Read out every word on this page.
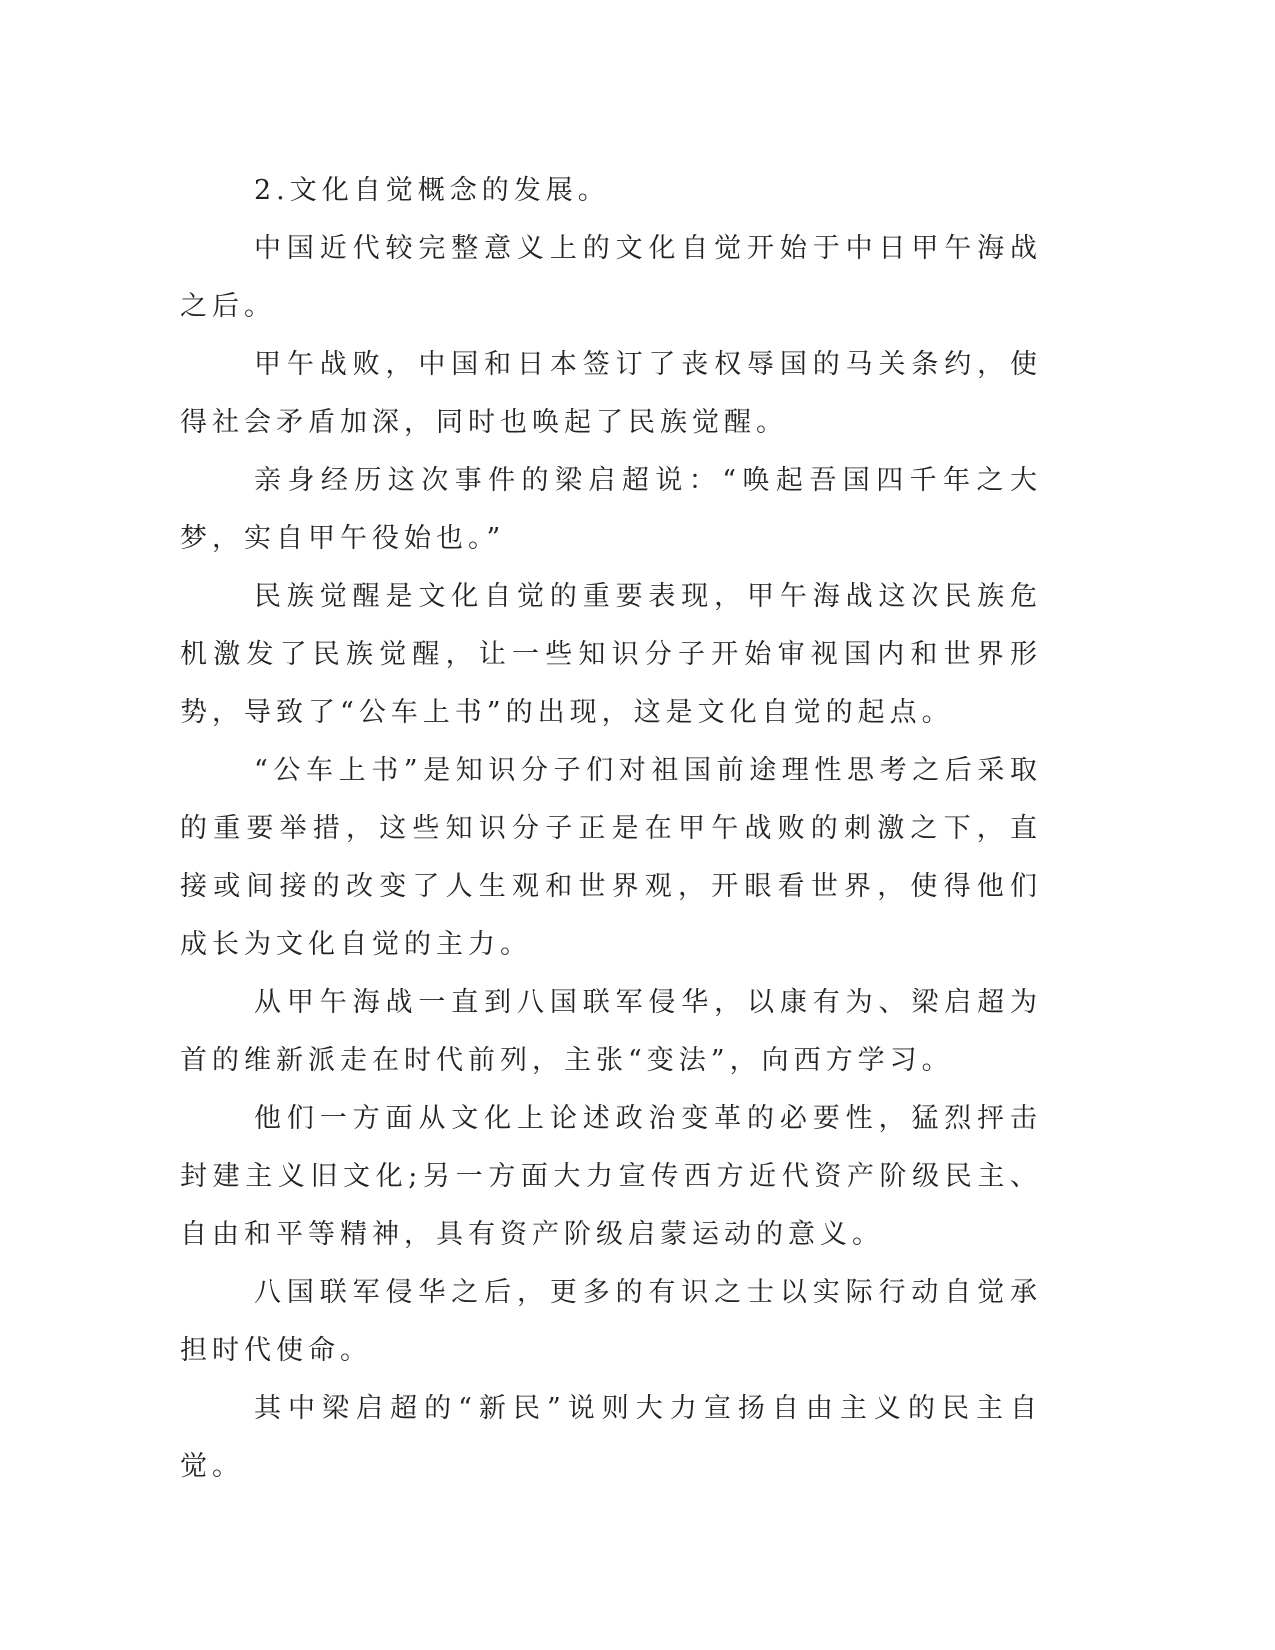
2.文化自觉概念的发展。

中国近代较完整意义上的文化自觉开始于中日甲午海战之后。

甲午战败，中国和日本签订了丧权辱国的马关条约，使得社会矛盾加深，同时也唤起了民族觉醒。

亲身经历这次事件的梁启超说：“唤起吾国四千年之大梦，实自甲午役始也。”

民族觉醒是文化自觉的重要表现，甲午海战这次民族危机激发了民族觉醒，让一些知识分子开始审视国内和世界形势，导致了“公车上书”的出现，这是文化自觉的起点。

“公车上书”是知识分子们对祖国前途理性思考之后采取的重要举措，这些知识分子正是在甲午战败的刺激之下，直接或间接的改变了人生观和世界观，开眼看世界，使得他们成长为文化自觉的主力。

从甲午海战一直到八国联军侵华，以康有为、梁启超为首的维新派走在时代前列，主张“变法”，向西方学习。

他们一方面从文化上论述政治变革的必要性，猛烈抨击封建主义旧文化;另一方面大力宣传西方近代资产阶级民主、自由和平等精神，具有资产阶级启蒙运动的意义。

八国联军侵华之后，更多的有识之士以实际行动自觉承担时代使命。

其中梁启超的“新民”说则大力宣扬自由主义的民主自觉。
